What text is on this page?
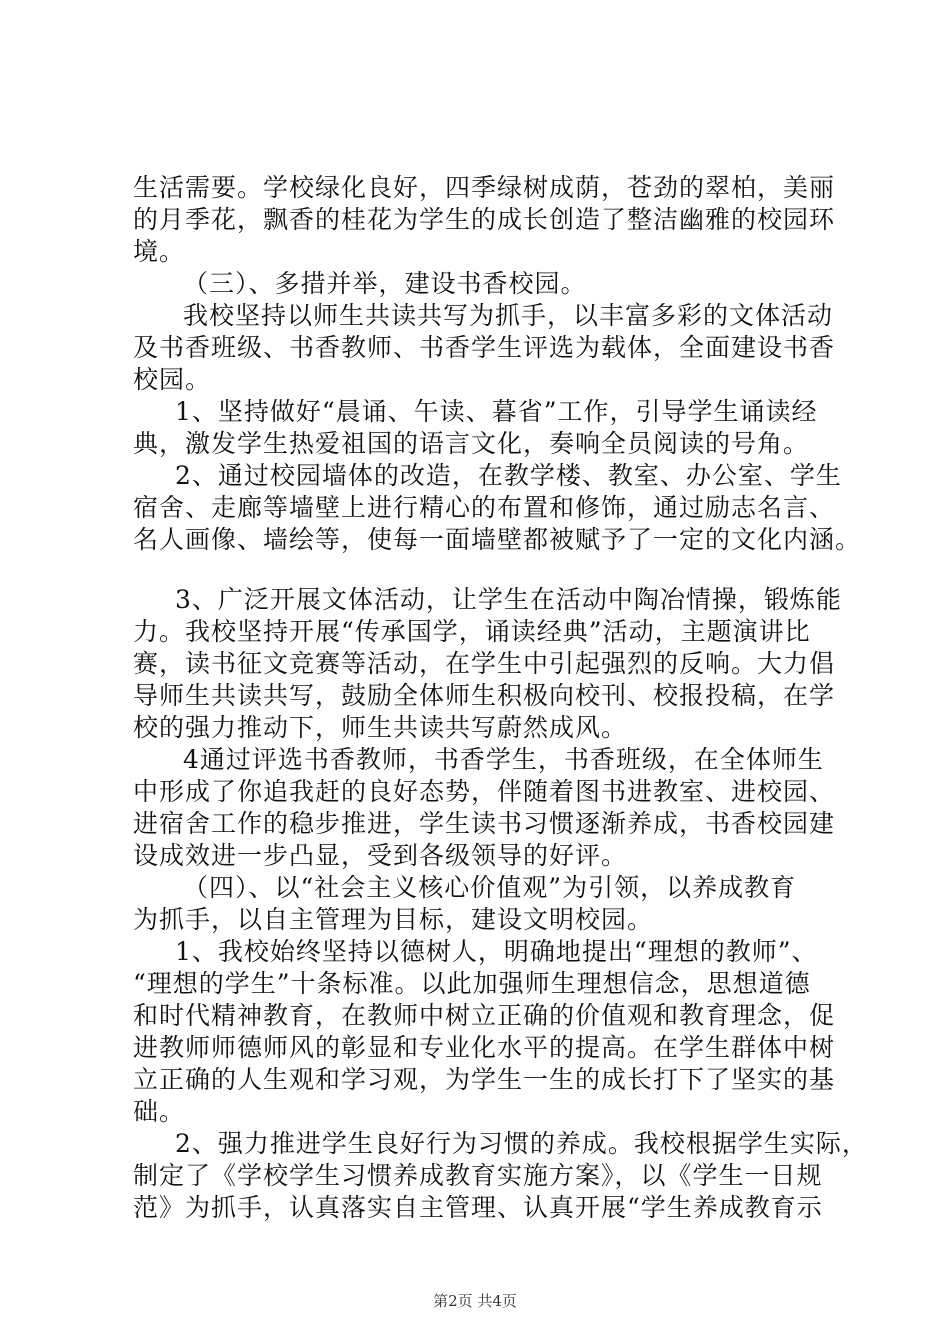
生活需要。学校绿化良好，四季绿树成荫，苍劲的翠柏，美丽
的月季花，飘香的桂花为学生的成长创造了整洁幽雅的校园环
境。
（三）、多措并举，建设书香校园。
我校坚持以师生共读共写为抓手，以丰富多彩的文体活动
及书香班级、书香教师、书香学生评选为载体，全面建设书香
校园。
1、坚持做好“晨诵、午读、暮省”工作，引导学生诵读经
典，激发学生热爱祖国的语言文化，奏响全员阅读的号角。
2、通过校园墙体的改造，在教学楼、教室、办公室、学生
宿舍、走廊等墙壁上进行精心的布置和修饰，通过励志名言、
名人画像、墙绘等，使每一面墙壁都被赋予了一定的文化内涵。
3、广泛开展文体活动，让学生在活动中陶冶情操，锻炼能
力。我校坚持开展“传承国学，诵读经典”活动，主题演讲比
赛，读书征文竞赛等活动，在学生中引起强烈的反响。大力倡
导师生共读共写，鼓励全体师生积极向校刊、校报投稿，在学
校的强力推动下，师生共读共写蔚然成风。
4通过评选书香教师，书香学生，书香班级，在全体师生
中形成了你追我赶的良好态势，伴随着图书进教室、进校园、
进宿舍工作的稳步推进，学生读书习惯逐渐养成，书香校园建
设成效进一步凸显，受到各级领导的好评。
（四）、以“社会主义核心价值观”为引领，以养成教育
为抓手，以自主管理为目标，建设文明校园。
1、我校始终坚持以德树人，明确地提出“理想的教师”、
“理想的学生”十条标准。以此加强师生理想信念，思想道德
和时代精神教育，在教师中树立正确的价值观和教育理念，促
进教师师德师风的彰显和专业化水平的提高。在学生群体中树
立正确的人生观和学习观，为学生一生的成长打下了坚实的基
础。
2、强力推进学生良好行为习惯的养成。我校根据学生实际，
制定了《学校学生习惯养成教育实施方案》，以《学生一日规
范》为抓手，认真落实自主管理、认真开展“学生养成教育示
第2页 共4页
